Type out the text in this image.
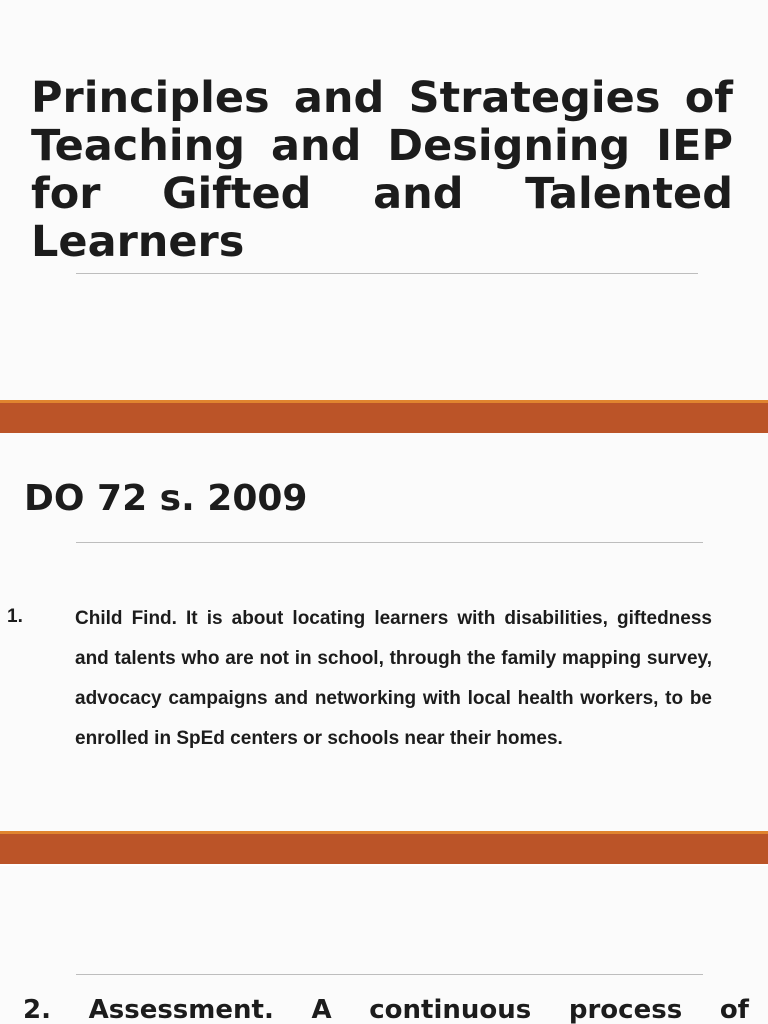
Principles and Strategies of Teaching and Designing IEP for Gifted and Talented Learners
DO 72 s. 2009
1.	Child Find. It is about locating learners with disabilities, giftedness and talents who are not in school, through the family mapping survey, advocacy campaigns and networking with local health workers, to be enrolled in SpEd centers or schools near their homes.

2. Assessment. A continuous process of
